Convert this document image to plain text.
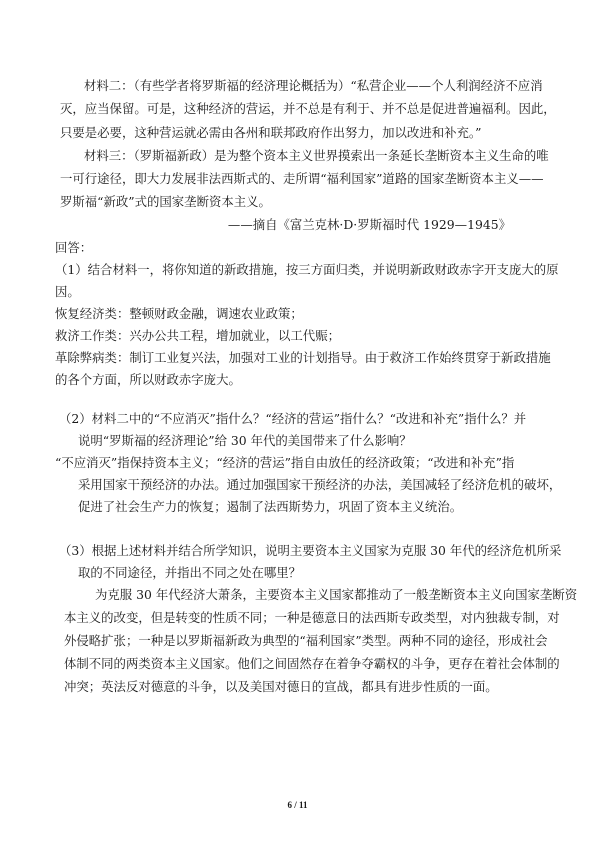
材料二：（有些学者将罗斯福的经济理论概括为）“私营企业——个人利润经济不应消
灭，应当保留。可是，这种经济的营运，并不总是有利于、并不总是促进普遍福利。因此，
只要是必要，这种营运就必需由各州和联邦政府作出努力，加以改进和补充。”
材料三：（罗斯福新政）是为整个资本主义世界摸索出一条延长垄断资本主义生命的唯
一可行途径，即大力发展非法西斯式的、走所谓“福利国家”道路的国家垄断资本主义——
罗斯福“新政”式的国家垄断资本主义。
——摘自《富兰克林·D·罗斯福时代 1929—1945》
回答：
（1）结合材料一，将你知道的新政措施，按三方面归类，并说明新政财政赤字开支庞大的原
因。
恢复经济类：整顿财政金融，调速农业政策；
救济工作类：兴办公共工程，增加就业，以工代赈；
革除弊病类：制订工业复兴法，加强对工业的计划指导。由于救济工作始终贯穿于新政措施
的各个方面，所以财政赤字庞大。
（2）材料二中的“不应消灭”指什么？“经济的营运”指什么？“改进和补充”指什么？并
说明“罗斯福的经济理论”给 30 年代的美国带来了什么影响？
“不应消灭”指保持资本主义；“经济的营运”指自由放任的经济政策；“改进和补充”指
采用国家干预经济的办法。通过加强国家干预经济的办法，美国减轻了经济危机的破坏，
促进了社会生产力的恢复；遏制了法西斯势力，巩固了资本主义统治。
（3）根据上述材料并结合所学知识，说明主要资本主义国家为克服 30 年代的经济危机所采
取的不同途径，并指出不同之处在哪里？
为克服 30 年代经济大萧条，主要资本主义国家都推动了一般垄断资本主义向国家垄断资
本主义的改变，但是转变的性质不同；一种是德意日的法西斯专政类型，对内独裁专制，对
外侵略扩张；一种是以罗斯福新政为典型的“福利国家”类型。两种不同的途径，形成社会
体制不同的两类资本主义国家。他们之间固然存在着争夺霸权的斗争，更存在着社会体制的
冲突；英法反对德意的斗争，以及美国对德日的宣战，都具有进步性质的一面。
6 / 11
